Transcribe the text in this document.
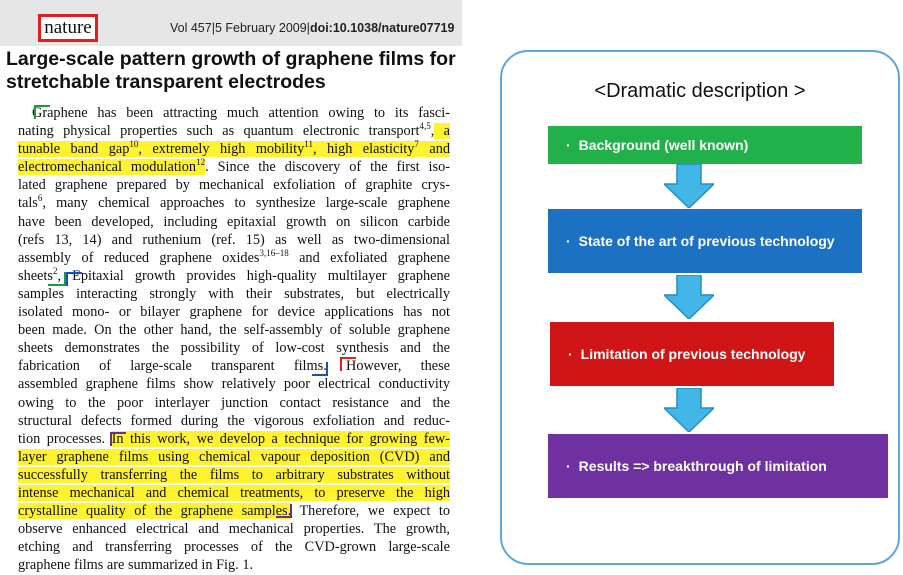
nature	Vol 457|5 February 2009|doi:10.1038/nature07719
Large-scale pattern growth of graphene films for
stretchable transparent electrodes
Graphene has been attracting much attention owing to its fasci-
nating physical properties such as quantum electronic transport$^{4,5}$, a
tunable band gap$^{10}$, extremely high mobility$^{11}$, high elasticity$^7$ and
electromechanical modulation$^{12}$. Since the discovery of the first iso-
lated graphene prepared by mechanical exfoliation of graphite crys-
tals$^6$, many chemical approaches to synthesize large-scale graphene
have been developed, including epitaxial growth on silicon carbide
(refs 13, 14) and ruthenium (ref. 15) as well as two-dimensional
assembly of reduced graphene oxides$^{3,16-18}$ and exfoliated graphene
sheets$^2$, Epitaxial growth provides high-quality multilayer graphene
samples interacting strongly with their substrates, but electrically
isolated mono- or bilayer graphene for device applications has not
been made. On the other hand, the self-assembly of soluble graphene
sheets demonstrates the possibility of low-cost synthesis and the
fabrication of large-scale transparent films. However, these
assembled graphene films show relatively poor electrical conductivity
owing to the poor interlayer junction contact resistance and the
structural defects formed during the vigorous exfoliation and reduc-
tion processes. In this work, we develop a technique for growing few-
layer graphene films using chemical vapour deposition (CVD) and
successfully transferring the films to arbitrary substrates without
intense mechanical and chemical treatments, to preserve the high
crystalline quality of the graphene samples. Therefore, we expect to
observe enhanced electrical and mechanical properties. The growth,
etching and transferring processes of the CVD-grown large-scale
graphene films are summarized in Fig. 1.
<Dramatic description >
· Background (well known)
· State of the art of previous technology
· Limitation of previous technology
· Results => breakthrough of limitation
